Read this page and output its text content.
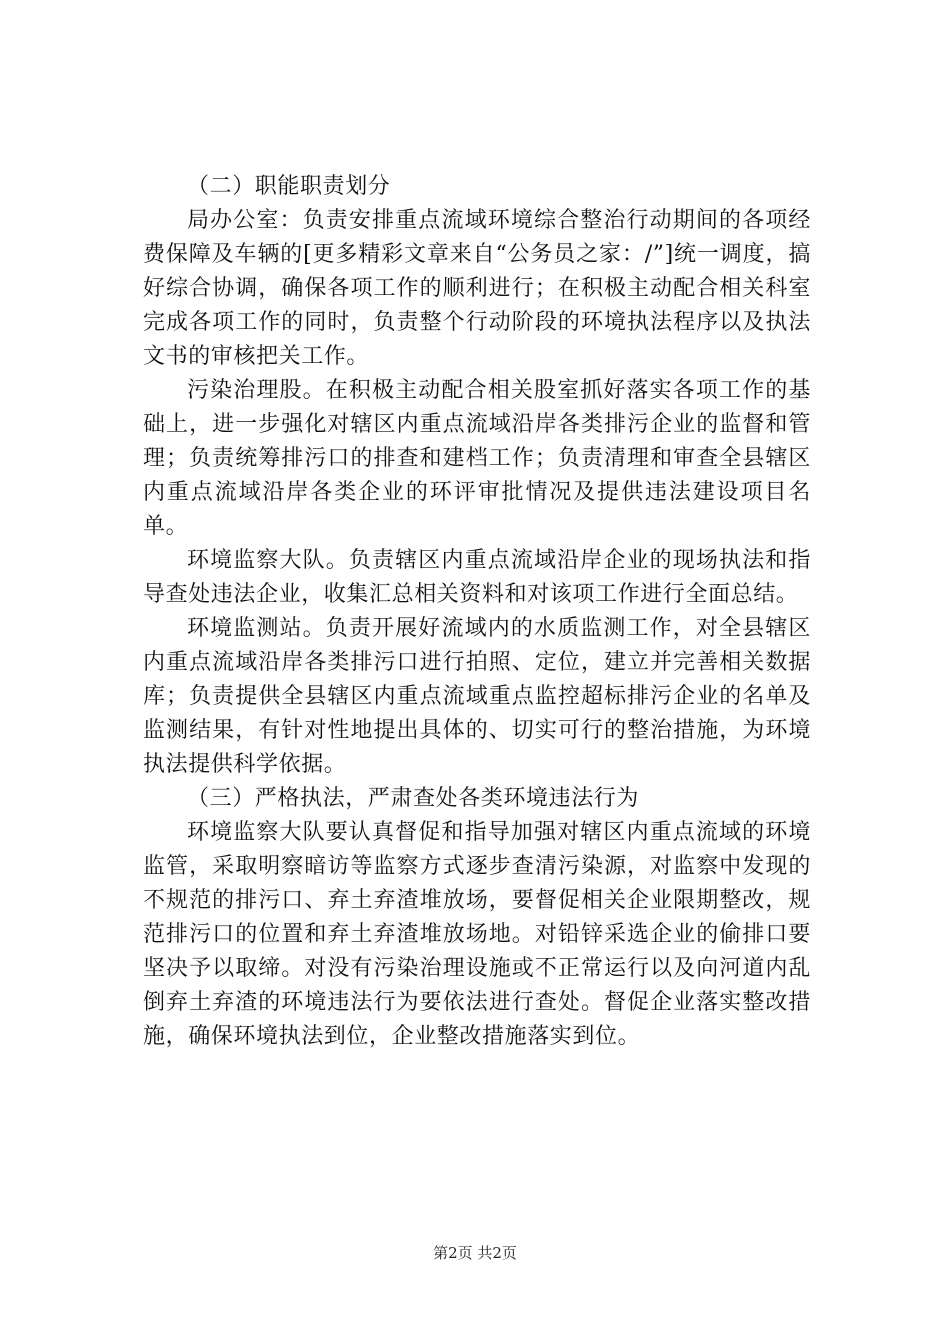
（二）职能职责划分

局办公室：负责安排重点流域环境综合整治行动期间的各项经费保障及车辆的[更多精彩文章来自“公务员之家：/”]统一调度，搞好综合协调，确保各项工作的顺利进行；在积极主动配合相关科室完成各项工作的同时，负责整个行动阶段的环境执法程序以及执法文书的审核把关工作。

污染治理股。在积极主动配合相关股室抓好落实各项工作的基础上，进一步强化对辖区内重点流域沿岸各类排污企业的监督和管理；负责统筹排污口的排查和建档工作；负责清理和审查全县辖区内重点流域沿岸各类企业的环评审批情况及提供违法建设项目名单。

环境监察大队。负责辖区内重点流域沿岸企业的现场执法和指导查处违法企业，收集汇总相关资料和对该项工作进行全面总结。

环境监测站。负责开展好流域内的水质监测工作，对全县辖区内重点流域沿岸各类排污口进行拍照、定位，建立并完善相关数据库；负责提供全县辖区内重点流域重点监控超标排污企业的名单及监测结果，有针对性地提出具体的、切实可行的整治措施，为环境执法提供科学依据。

（三）严格执法，严肃查处各类环境违法行为

环境监察大队要认真督促和指导加强对辖区内重点流域的环境监管，采取明察暗访等监察方式逐步查清污染源，对监察中发现的不规范的排污口、弃土弃渣堆放场，要督促相关企业限期整改，规范排污口的位置和弃土弃渣堆放场地。对铅锌采选企业的偷排口要坚决予以取缔。对没有污染治理设施或不正常运行以及向河道内乱倒弃土弃渣的环境违法行为要依法进行查处。督促企业落实整改措施，确保环境执法到位，企业整改措施落实到位。

第2页 共2页
